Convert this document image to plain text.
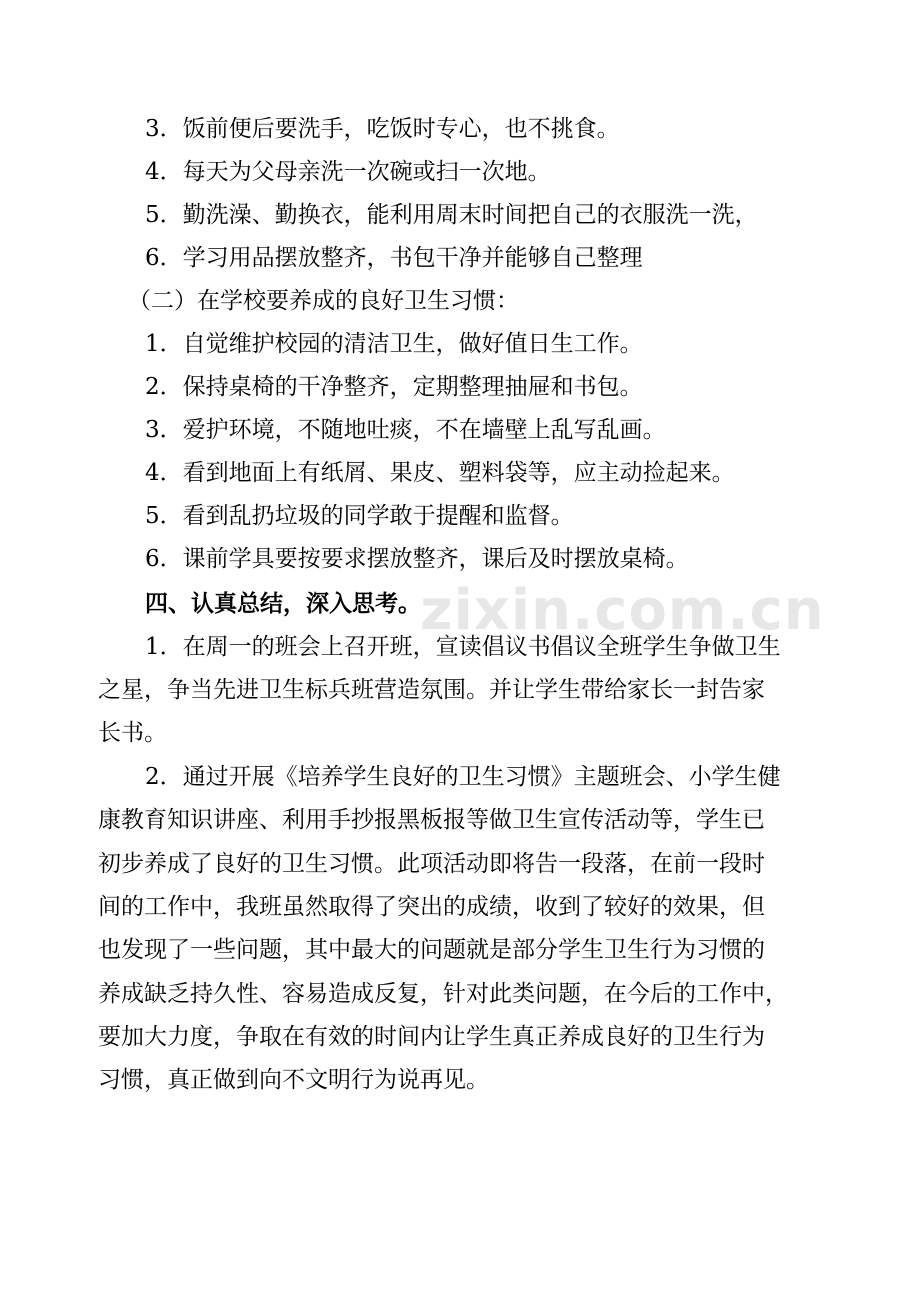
3．饭前便后要洗手，吃饭时专心，也不挑食。
4．每天为父母亲洗一次碗或扫一次地。
5．勤洗澡、勤换衣，能利用周末时间把自己的衣服洗一洗，
6．学习用品摆放整齐，书包干净并能够自己整理
（二）在学校要养成的良好卫生习惯：
1．自觉维护校园的清洁卫生，做好值日生工作。
2．保持桌椅的干净整齐，定期整理抽屉和书包。
3．爱护环境，不随地吐痰，不在墙壁上乱写乱画。
4．看到地面上有纸屑、果皮、塑料袋等，应主动捡起来。
5．看到乱扔垃圾的同学敢于提醒和监督。
6．课前学具要按要求摆放整齐，课后及时摆放桌椅。
四、认真总结，深入思考。
1．在周一的班会上召开班，宣读倡议书倡议全班学生争做卫生
之星，争当先进卫生标兵班营造氛围。并让学生带给家长一封告家
长书。
2．通过开展《培养学生良好的卫生习惯》主题班会、小学生健
康教育知识讲座、利用手抄报黑板报等做卫生宣传活动等，学生已
初步养成了良好的卫生习惯。此项活动即将告一段落，在前一段时
间的工作中，我班虽然取得了突出的成绩，收到了较好的效果，但
也发现了一些问题，其中最大的问题就是部分学生卫生行为习惯的
养成缺乏持久性、容易造成反复，针对此类问题，在今后的工作中，
要加大力度，争取在有效的时间内让学生真正养成良好的卫生行为
习惯，真正做到向不文明行为说再见。
zixin.com.cn
